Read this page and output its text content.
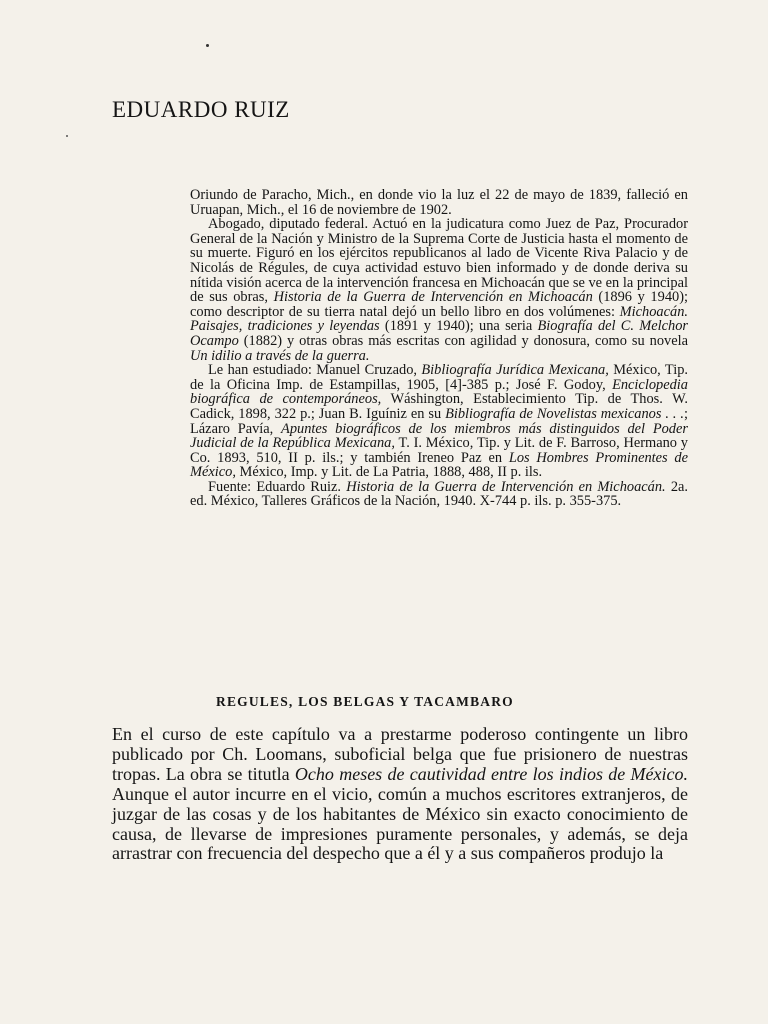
EDUARDO RUIZ

Oriundo de Paracho, Mich., en donde vio la luz el 22 de mayo de 1839, falleció en Uruapan, Mich., el 16 de noviembre de 1902.

Abogado, diputado federal. Actuó en la judicatura como Juez de Paz, Procurador General de la Nación y Ministro de la Suprema Corte de Justicia hasta el momento de su muerte. Figuró en los ejércitos republicanos al lado de Vicente Riva Palacio y de Nicolás de Régules, de cuya actividad estuvo bien informado y de donde deriva su nítida visión acerca de la intervención francesa en Michoacán que se ve en la principal de sus obras, Historia de la Guerra de Intervención en Michoacán (1896 y 1940); como descriptor de su tierra natal dejó un bello libro en dos volúmenes: Michoacán. Paisajes, tradiciones y leyendas (1891 y 1940); una seria Biografía del C. Melchor Ocampo (1882) y otras obras más escritas con agilidad y donosura, como su novela Un idilio a través de la guerra.

Le han estudiado: Manuel Cruzado, Bibliografía Jurídica Mexicana, México, Tip. de la Oficina Imp. de Estampillas, 1905, [4]-385 p.; José F. Godoy, Enciclopedia biográfica de contemporáneos, Wáshington, Establecimiento Tip. de Thos. W. Cadick, 1898, 322 p.; Juan B. Iguíniz en su Bibliografía de Novelistas mexicanos . . .; Lázaro Pavía, Apuntes biográficos de los miembros más distinguidos del Poder Judicial de la República Mexicana, T. I. México, Tip. y Lit. de F. Barroso, Hermano y Co. 1893, 510, II p. ils.; y también Ireneo Paz en Los Hombres Prominentes de México, México, Imp. y Lit. de La Patria, 1888, 488, II p. ils.

Fuente: Eduardo Ruiz. Historia de la Guerra de Intervención en Michoacán. 2a. ed. México, Talleres Gráficos de la Nación, 1940. X-744 p. ils. p. 355-375.

REGULES, LOS BELGAS Y TACAMBARO

En el curso de este capítulo va a prestarme poderoso contingente un libro publicado por Ch. Loomans, suboficial belga que fue prisionero de nuestras tropas. La obra se titutla Ocho meses de cautividad entre los indios de México. Aunque el autor incurre en el vicio, común a muchos escritores extranjeros, de juzgar de las cosas y de los habitantes de México sin exacto conocimiento de causa, de llevarse de impresiones puramente personales, y además, se deja arrastrar con frecuencia del despecho que a él y a sus compañeros produjo la
